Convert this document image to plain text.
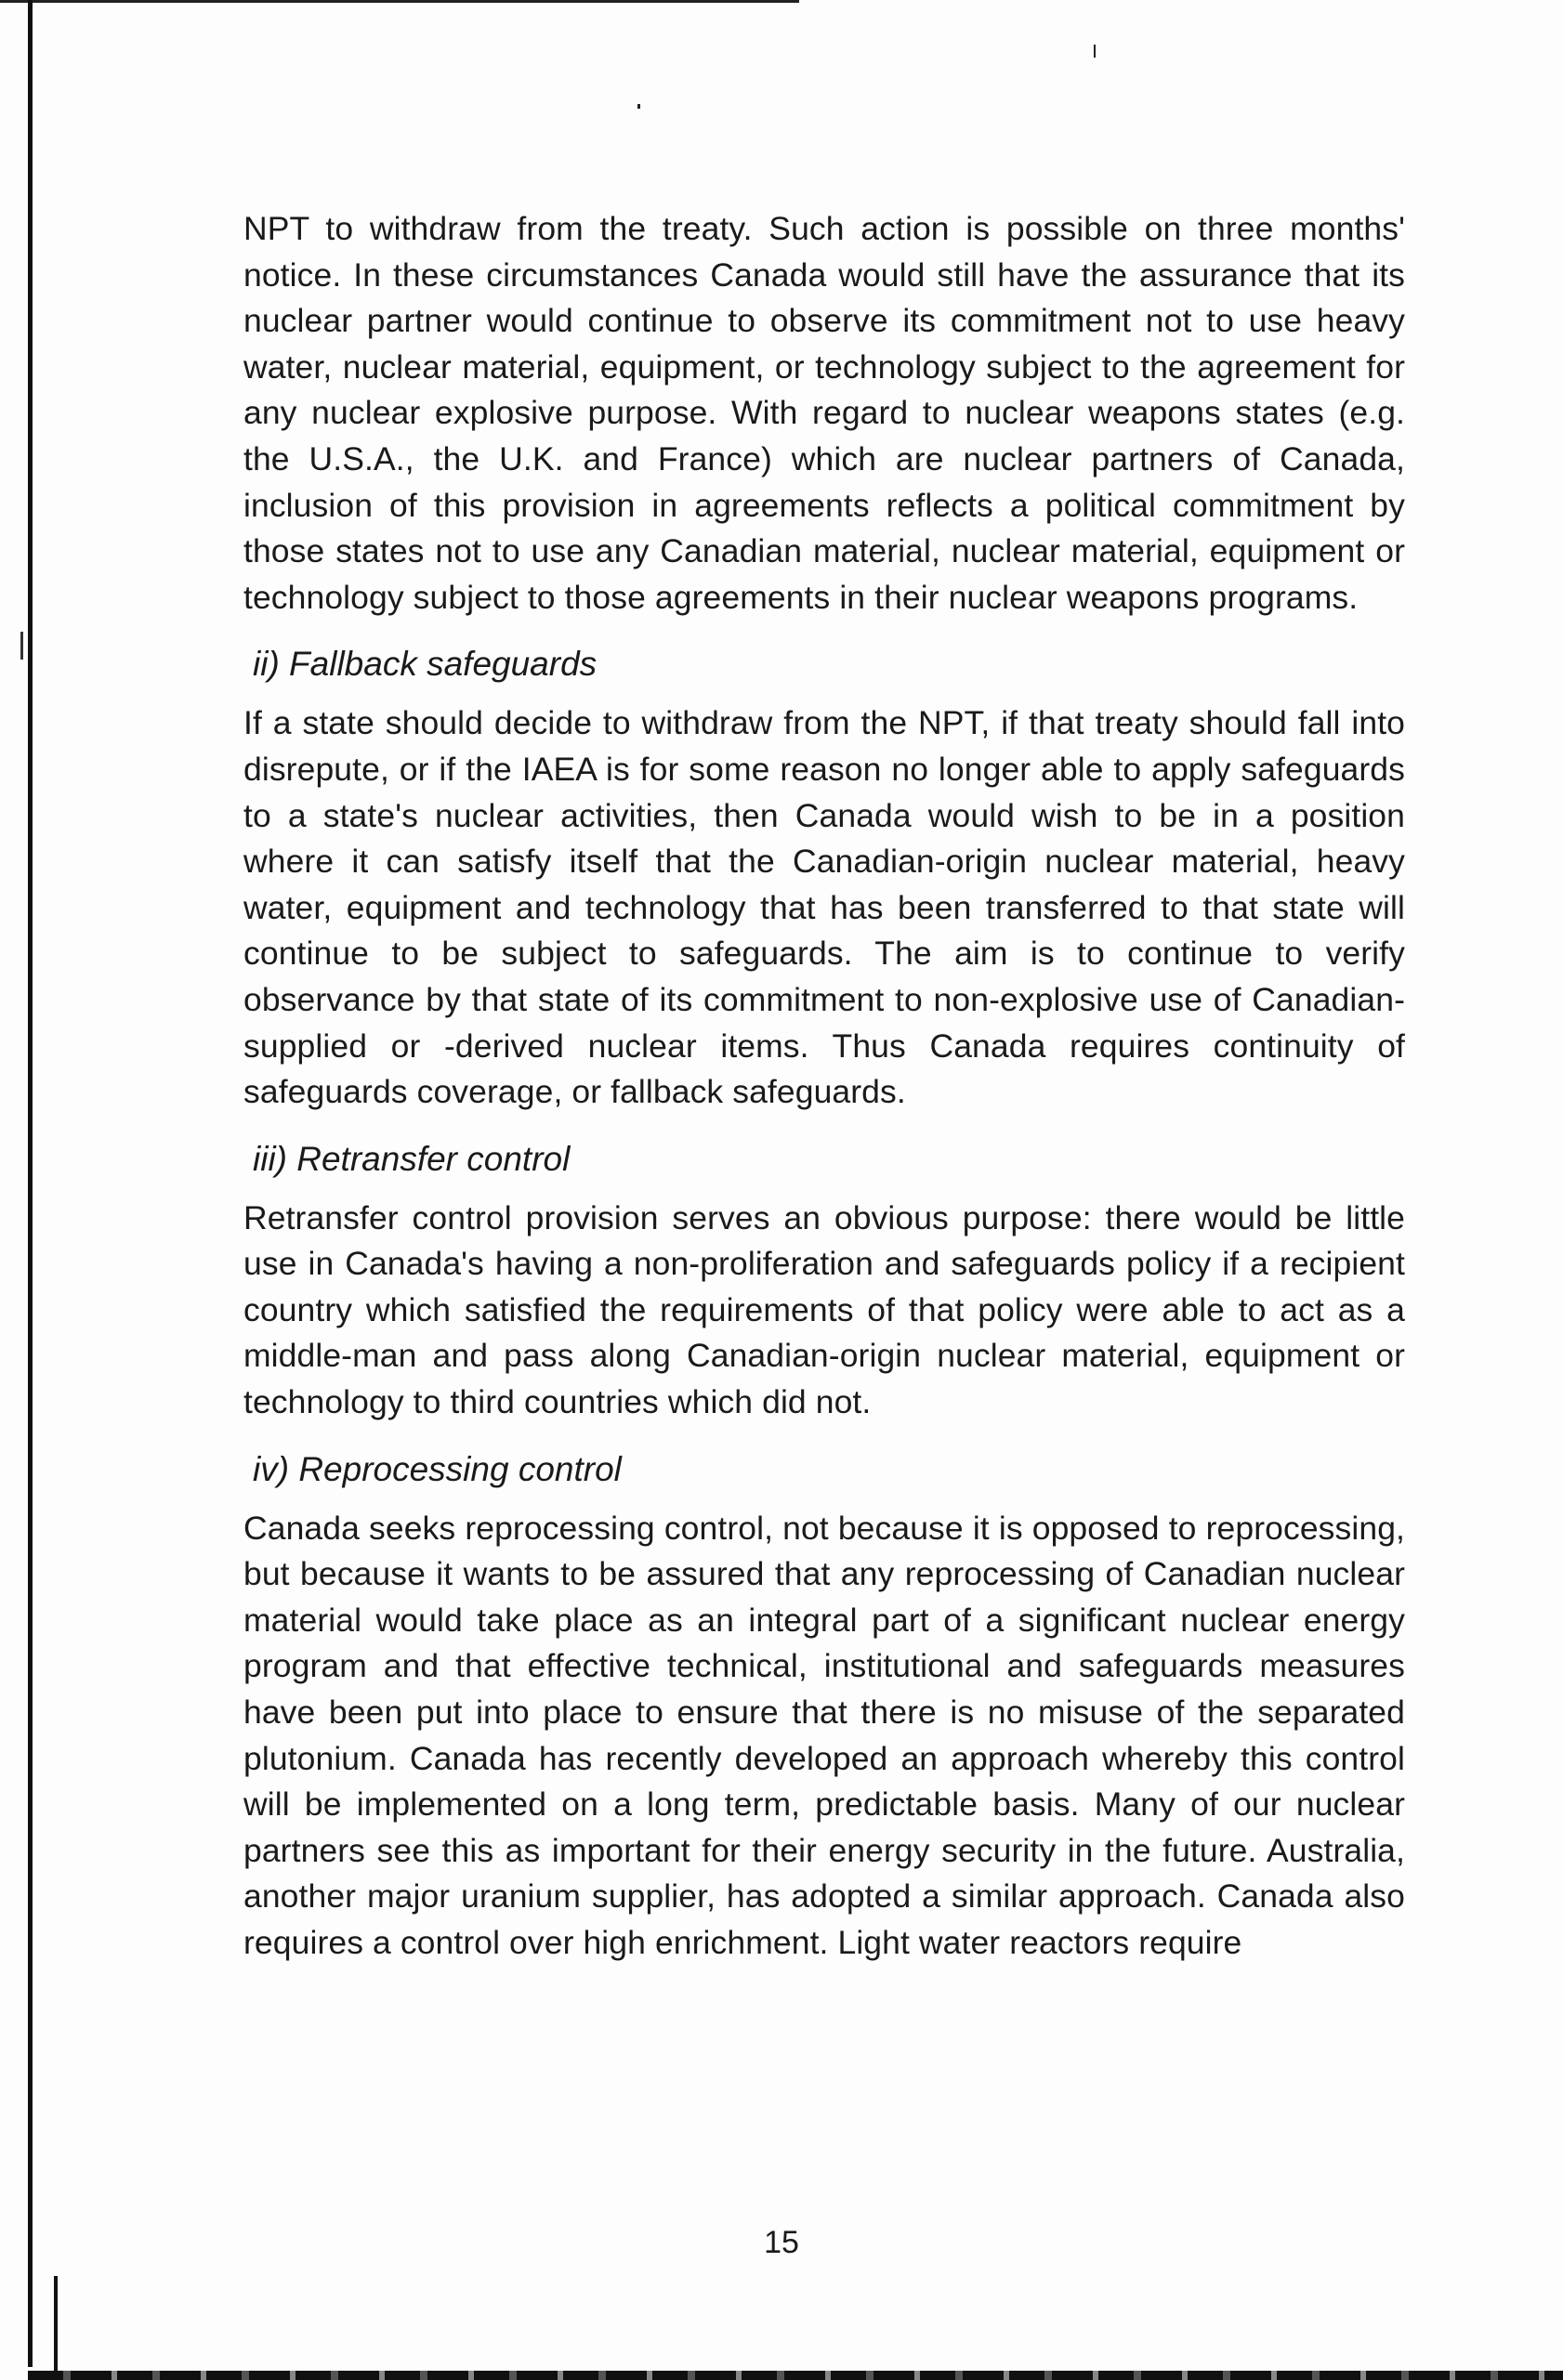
NPT to withdraw from the treaty. Such action is possible on three months' notice. In these circumstances Canada would still have the assurance that its nuclear partner would continue to observe its commitment not to use heavy water, nuclear material, equipment, or technology subject to the agreement for any nuclear explosive purpose. With regard to nuclear weapons states (e.g. the U.S.A., the U.K. and France) which are nuclear partners of Canada, inclusion of this provision in agreements reflects a political commitment by those states not to use any Canadian material, nuclear material, equipment or technology subject to those agreements in their nuclear weapons programs.

ii) Fallback safeguards

If a state should decide to withdraw from the NPT, if that treaty should fall into disrepute, or if the IAEA is for some reason no longer able to apply safeguards to a state's nuclear activities, then Canada would wish to be in a position where it can satisfy itself that the Canadian-origin nuclear material, heavy water, equipment and technology that has been transferred to that state will continue to be subject to safeguards. The aim is to continue to verify observance by that state of its commitment to non-explosive use of Canadian-supplied or -derived nuclear items. Thus Canada requires continuity of safeguards coverage, or fallback safeguards.

iii) Retransfer control

Retransfer control provision serves an obvious purpose: there would be little use in Canada's having a non-proliferation and safeguards policy if a recipient country which satisfied the requirements of that policy were able to act as a middle-man and pass along Canadian-origin nuclear material, equipment or technology to third countries which did not.

iv) Reprocessing control

Canada seeks reprocessing control, not because it is opposed to reprocessing, but because it wants to be assured that any reprocessing of Canadian nuclear material would take place as an integral part of a significant nuclear energy program and that effective technical, institutional and safeguards measures have been put into place to ensure that there is no misuse of the separated plutonium. Canada has recently developed an approach whereby this control will be implemented on a long term, predictable basis. Many of our nuclear partners see this as important for their energy security in the future. Australia, another major uranium supplier, has adopted a similar approach. Canada also requires a control over high enrichment. Light water reactors require

15
